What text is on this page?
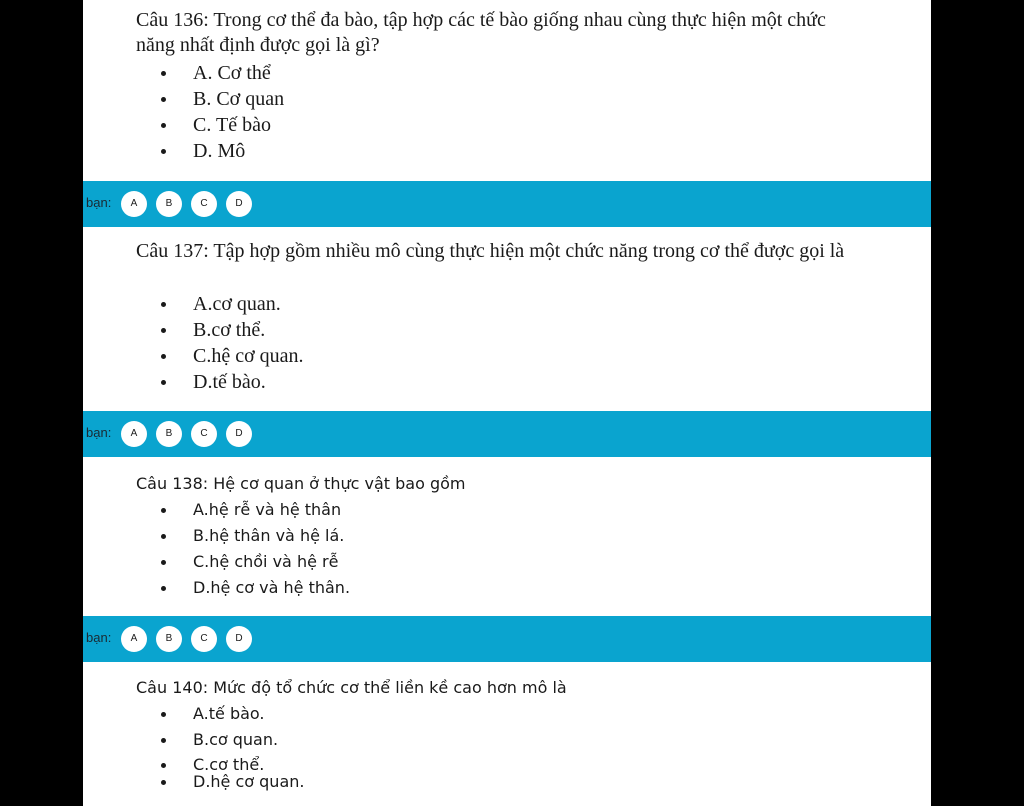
Câu 136: Trong cơ thể đa bào, tập hợp các tế bào giống nhau cùng thực hiện một chức năng nhất định được gọi là gì?

A. Cơ thể
B. Cơ quan
C. Tế bào
D. Mô
bạn:	A	B	C	D

Câu 137: Tập hợp gồm nhiều mô cùng thực hiện một chức năng trong cơ thể được gọi là

A.cơ quan.
B.cơ thể.
C.hệ cơ quan.
D.tế bào.
bạn:	A	B	C	D

Câu 138: Hệ cơ quan ở thực vật bao gồm

A.hệ rễ và hệ thân
B.hệ thân và hệ lá.
C.hệ chồi và hệ rễ
D.hệ cơ và hệ thân.
bạn:	A	B	C	D

Câu 140: Mức độ tổ chức cơ thể liền kề cao hơn mô là

A.tế bào.
B.cơ quan.
C.cơ thể.
D.hệ cơ quan.
